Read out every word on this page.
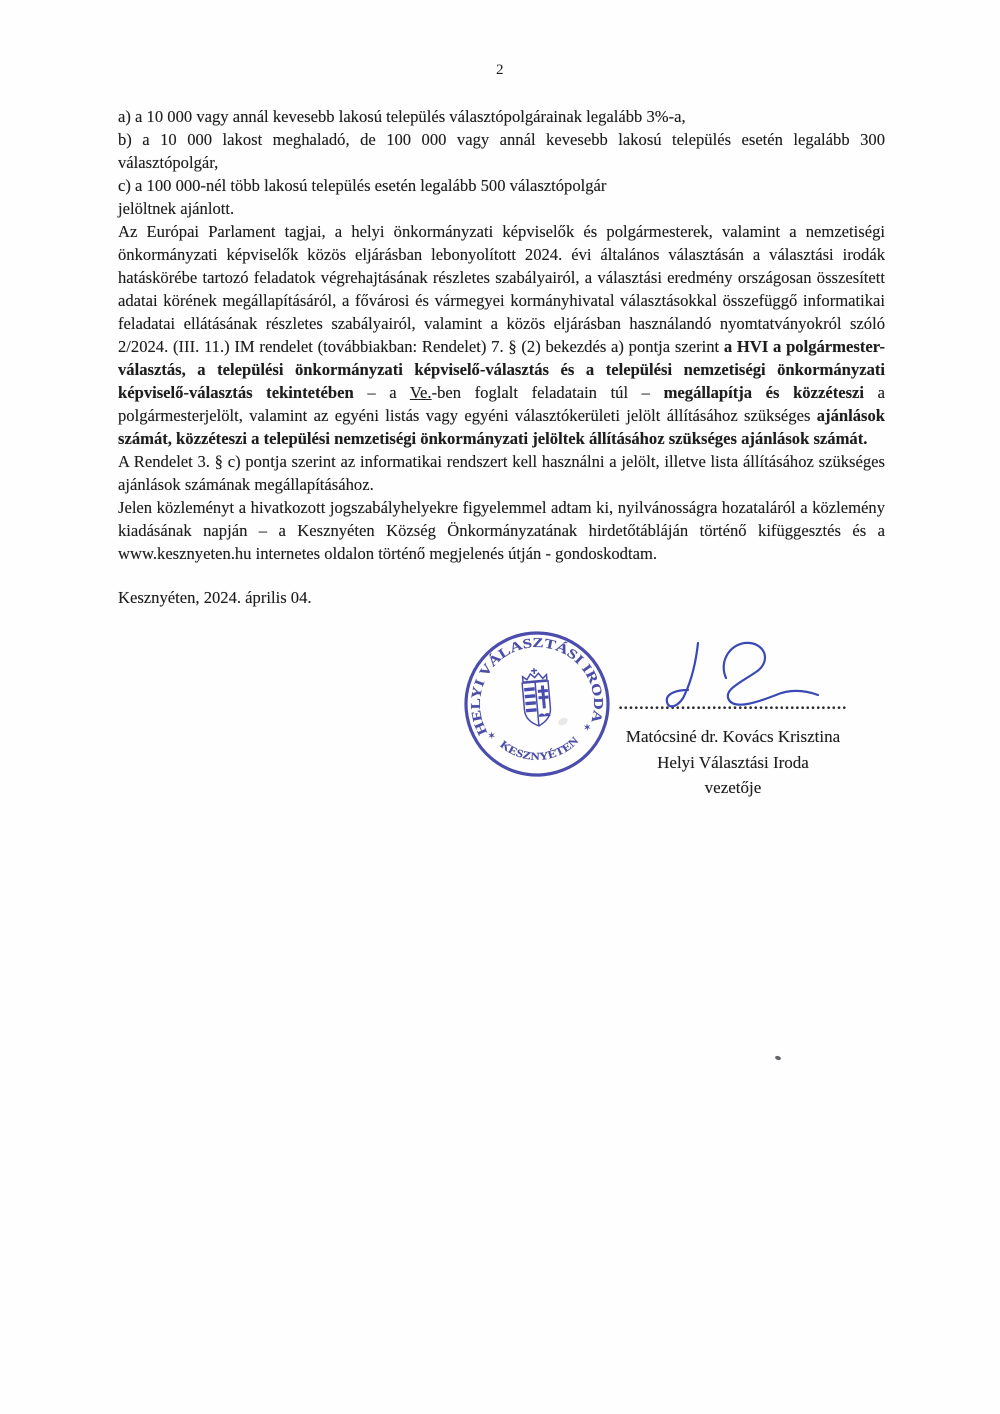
2

a) a 10 000 vagy annál kevesebb lakosú település választópolgárainak legalább 3%-a,

b) a 10 000 lakost meghaladó, de 100 000 vagy annál kevesebb lakosú település esetén legalább 300 választópolgár,

c) a 100 000-nél több lakosú település esetén legalább 500 választópolgár

jelöltnek ajánlott.

Az Európai Parlament tagjai, a helyi önkormányzati képviselők és polgármesterek, valamint a nemzetiségi önkormányzati képviselők közös eljárásban lebonyolított 2024. évi általános választásán a választási irodák hatáskörébe tartozó feladatok végrehajtásának részletes szabályairól, a választási eredmény országosan összesített adatai körének megállapításáról, a fővárosi és vármegyei kormányhivatal választásokkal összefüggő informatikai feladatai ellátásának részletes szabályairól, valamint a közös eljárásban használandó nyomtatványokról szóló 2/2024. (III. 11.) IM rendelet (továbbiakban: Rendelet) 7. § (2) bekezdés a) pontja szerint a HVI a polgármester-választás, a települési önkormányzati képviselő-választás és a települési nemzetiségi önkormányzati képviselő-választás tekintetében – a Ve.-ben foglalt feladatain túl – megállapítja és közzéteszi a polgármesterjelölt, valamint az egyéni listás vagy egyéni választókerületi jelölt állításához szükséges ajánlások számát, közzéteszi a települési nemzetiségi önkormányzati jelöltek állításához szükséges ajánlások számát.

A Rendelet 3. § c) pontja szerint az informatikai rendszert kell használni a jelölt, illetve lista állításához szükséges ajánlások számának megállapításához.

Jelen közleményt a hivatkozott jogszabályhelyekre figyelemmel adtam ki, nyilvánosságra hozataláról a közlemény kiadásának napján – a Kesznyéten Község Önkormányzatának hirdetőtábláján történő kifüggesztés és a www.kesznyeten.hu internetes oldalon történő megjelenés útján - gondoskodtam.

Kesznyéten, 2024. április 04.
HELYI VÁLASZTÁSI IRODA
KESZNYÉTEN
✶
✶
............................................
Matócsiné dr. Kovács Krisztina
Helyi Választási Iroda
vezetője
